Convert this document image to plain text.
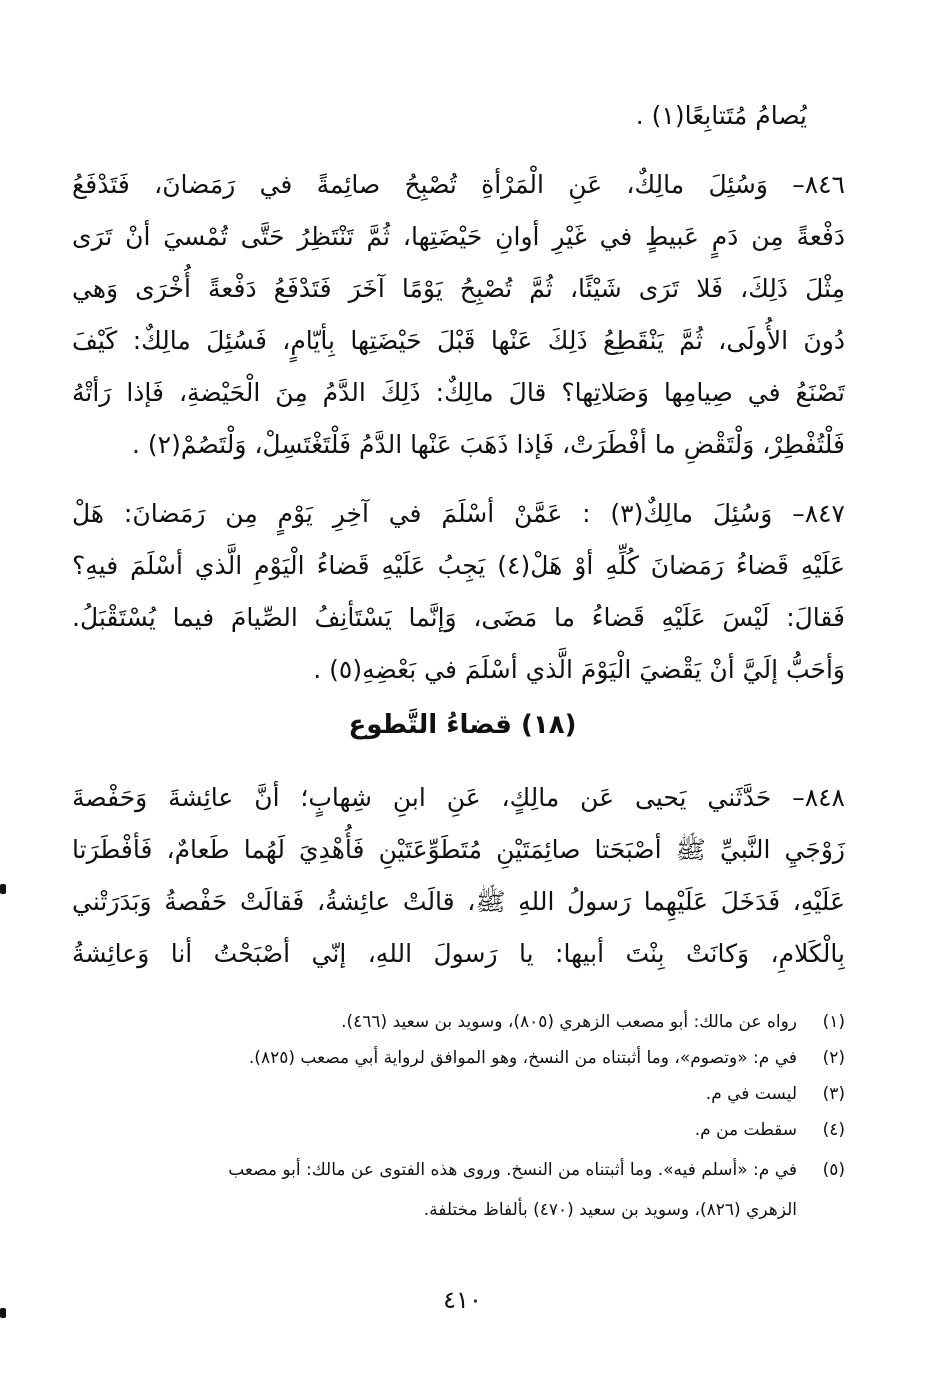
يُصامُ مُتَتابِعًا(١) .
٨٤٦– وَسُئِلَ مالِكٌ، عَنِ الْمَرْأةِ تُصْبِحُ صائِمةً في رَمَضانَ، فَتَدْفَعُ
دَفْعةً مِن دَمٍ عَبيطٍ في غَيْرِ أوانِ حَيْضَتِها، ثُمَّ تَنْتَظِرُ حَتَّى تُمْسيَ أنْ تَرَى
مِثْلَ ذَلِكَ، فَلا تَرَى شَيْئًا، ثُمَّ تُصْبِحُ يَوْمًا آخَرَ فَتَدْفَعُ دَفْعةً أُخْرَى وَهي
دُونَ الأُولَى، ثُمَّ يَنْقَطِعُ ذَلِكَ عَنْها قَبْلَ حَيْضَتِها بِأيّامٍ، فَسُئِلَ مالِكٌ: كَيْفَ
تَصْنَعُ في صِيامِها وَصَلاتِها؟ قالَ مالِكٌ: ذَلِكَ الدَّمُ مِنَ الْحَيْضةِ، فَإذا رَأتْهُ
فَلْتُفْطِرْ، وَلْتَقْضِ ما أفْطَرَتْ، فَإذا ذَهَبَ عَنْها الدَّمُ فَلْتَغْتَسِلْ، وَلْتَصُمْ(٢) .
٨٤٧– وَسُئِلَ مالِكٌ(٣) : عَمَّنْ أسْلَمَ في آخِرِ يَوْمٍ مِن رَمَضانَ: هَلْ
عَلَيْهِ قَضاءُ رَمَضانَ كُلِّهِ أوْ هَلْ(٤) يَجِبُ عَلَيْهِ قَضاءُ الْيَوْمِ الَّذي أسْلَمَ فيهِ؟
فَقالَ: لَيْسَ عَلَيْهِ قَضاءُ ما مَضَى، وَإنَّما يَسْتَأنِفُ الصِّيامَ فيما يُسْتَقْبَلُ.
وَأحَبُّ إلَيَّ أنْ يَقْضيَ الْيَوْمَ الَّذي أسْلَمَ في بَعْضِهِ(٥) .
(١٨) قضاءُ التَّطوع
٨٤٨– حَدَّثَني يَحيى عَن مالِكٍ، عَنِ ابنِ شِهابٍ؛ أنَّ عائِشةَ وَحَفْصةَ
زَوْجَيِ النَّبيِّ ﷺ أصْبَحَتا صائِمَتَيْنِ مُتَطَوِّعَتَيْنِ فَأُهْدِيَ لَهُما طَعامٌ، فَأفْطَرَتا
عَلَيْهِ، فَدَخَلَ عَلَيْهِما رَسولُ اللهِ ﷺ، قالَتْ عائِشةُ، فَقالَتْ حَفْصةُ وَبَدَرَتْني
بِالْكَلامِ، وَكانَتْ بِنْتَ أبيها: يا رَسولَ اللهِ، إنّي أصْبَحْتُ أنا وَعائِشةُ
(١)رواه عن مالك: أبو مصعب الزهري (٨٠٥)، وسويد بن سعيد (٤٦٦).
(٢)في م: «وتصوم»، وما أثبتناه من النسخ، وهو الموافق لرواية أبي مصعب (٨٢٥).
(٣)ليست في م.
(٤)سقطت من م.
(٥)في م: «أسلم فيه». وما أثبتناه من النسخ. وروى هذه الفتوى عن مالك: أبو مصعب
الزهري (٨٢٦)، وسويد بن سعيد (٤٧٠) بألفاظ مختلفة.
٤١٠
